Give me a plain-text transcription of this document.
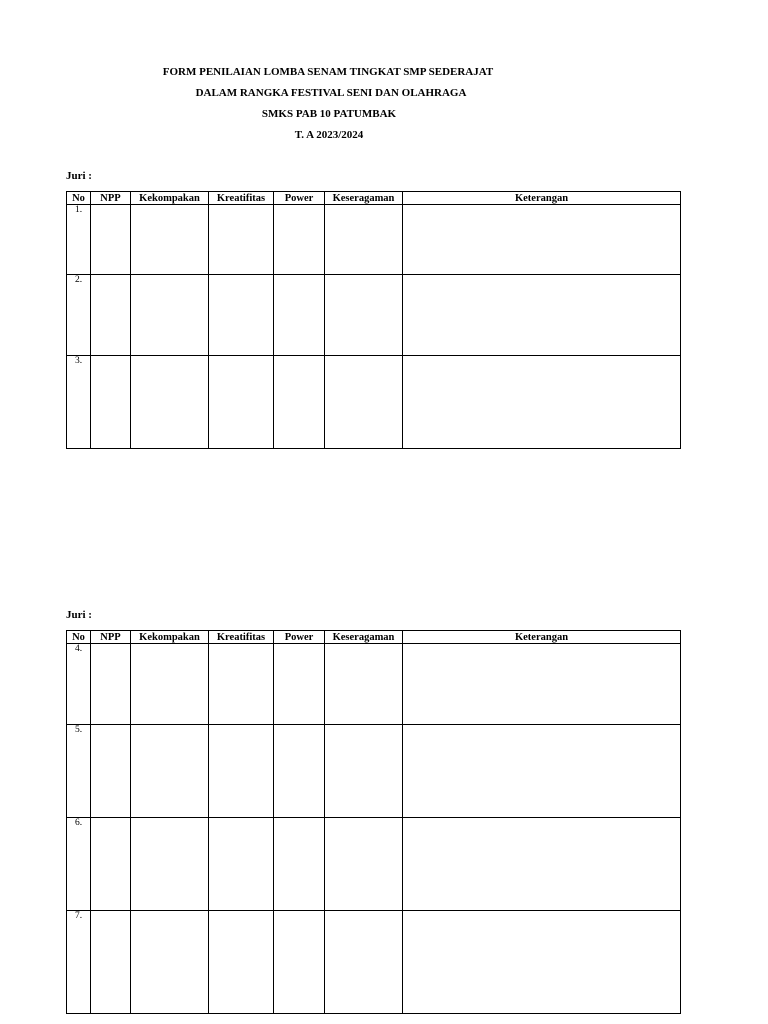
FORM PENILAIAN LOMBA SENAM TINGKAT SMP SEDERAJAT
DALAM RANGKA FESTIVAL SENI DAN OLAHRAGA
SMKS PAB 10 PATUMBAK
T. A 2023/2024
Juri :
No	NPP	Kekompakan	Kreatifitas	Power	Keseragaman	Keterangan
1.						
2.						
3.						
Juri :
No	NPP	Kekompakan	Kreatifitas	Power	Keseragaman	Keterangan
4.						
5.						
6.						
7.						
